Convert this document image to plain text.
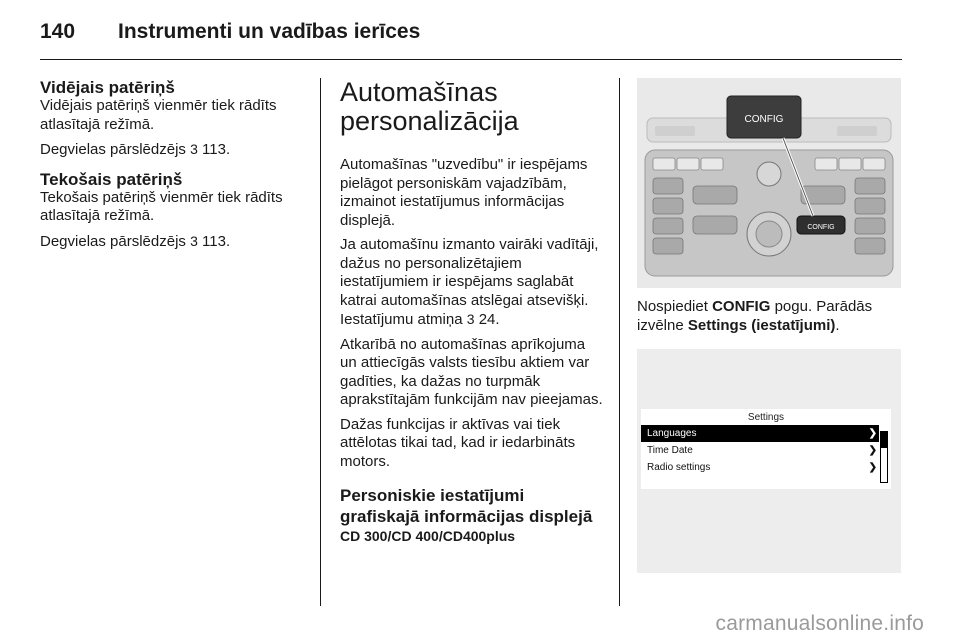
140 Instrumenti un vadības ierīces
Vidējais patēriņš

Vidējais patēriņš vienmēr tiek rādīts atlasītajā režīmā.

Degvielas pārslēdzējs 3 113.

Tekošais patēriņš

Tekošais patēriņš vienmēr tiek rādīts atlasītajā režīmā.

Degvielas pārslēdzējs 3 113.

Automašīnas
personalizācija

Automašīnas "uzvedību" ir iespējams pielāgot personiskām vajadzībām, izmainot iestatījumus informācijas displejā.

Ja automašīnu izmanto vairāki vadītāji, dažus no personalizētajiem iestatījumiem ir iespējams saglabāt katrai automašīnas atslēgai atsevišķi. Iestatījumu atmiņa 3 24.

Atkarībā no automašīnas aprīkojuma un attiecīgās valsts tiesību aktiem var gadīties, ka dažas no turpmāk aprakstītajām funkcijām nav pieejamas.

Dažas funkcijas ir aktīvas vai tiek attēlotas tikai tad, kad ir iedarbināts motors.

Personiskie iestatījumi
grafiskajā informācijas displejā
CD 300/CD 400/CD400plus
CONFIG
CONFIG

Nospiediet CONFIG pogu. Parādās izvēlne Settings (iestatījumi).

Settings
Languages	❯
Time Date	❯
Radio settings	❯
carmanualsonline.info
